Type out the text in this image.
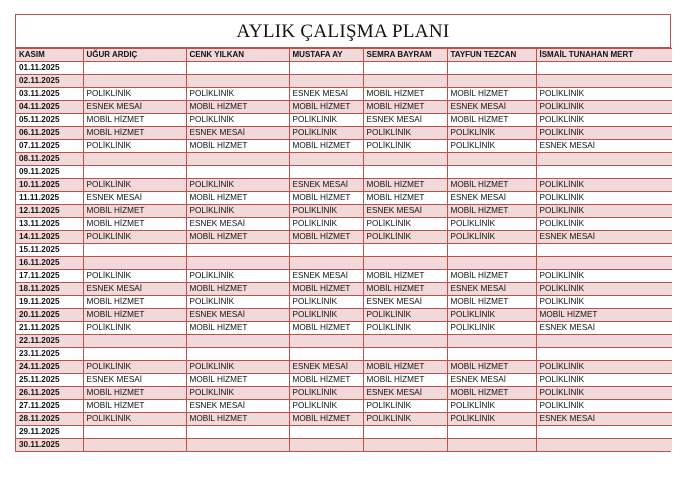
AYLIK ÇALIŞMA PLANI
KASIM	UĞUR ARDIÇ	CENK YILKAN	MUSTAFA AY	SEMRA BAYRAM	TAYFUN TEZCAN	İSMAİL TUNAHAN MERT
01.11.2025						
02.11.2025						
03.11.2025	POLİKLİNİK	POLİKLİNİK	ESNEK MESAİ	MOBİL HİZMET	MOBİL HİZMET	POLİKLİNİK
04.11.2025	ESNEK MESAİ	MOBİL HİZMET	MOBİL HİZMET	MOBİL HİZMET	ESNEK MESAİ	POLİKLİNİK
05.11.2025	MOBİL HİZMET	POLİKLİNİK	POLİKLİNİK	ESNEK MESAİ	MOBİL HİZMET	POLİKLİNİK
06.11.2025	MOBİL HİZMET	ESNEK MESAİ	POLİKLİNİK	POLİKLİNİK	POLİKLİNİK	POLİKLİNİK
07.11.2025	POLİKLİNİK	MOBİL HİZMET	MOBİL HİZMET	POLİKLİNİK	POLİKLİNİK	ESNEK MESAİ
08.11.2025						
09.11.2025						
10.11.2025	POLİKLİNİK	POLİKLİNİK	ESNEK MESAİ	MOBİL HİZMET	MOBİL HİZMET	POLİKLİNİK
11.11.2025	ESNEK MESAİ	MOBİL HİZMET	MOBİL HİZMET	MOBİL HİZMET	ESNEK MESAİ	POLİKLİNİK
12.11.2025	MOBİL HİZMET	POLİKLİNİK	POLİKLİNİK	ESNEK MESAİ	MOBİL HİZMET	POLİKLİNİK
13.11.2025	MOBİL HİZMET	ESNEK MESAİ	POLİKLİNİK	POLİKLİNİK	POLİKLİNİK	POLİKLİNİK
14.11.2025	POLİKLİNİK	MOBİL HİZMET	MOBİL HİZMET	POLİKLİNİK	POLİKLİNİK	ESNEK MESAİ
15.11.2025						
16.11.2025						
17.11.2025	POLİKLİNİK	POLİKLİNİK	ESNEK MESAİ	MOBİL HİZMET	MOBİL HİZMET	POLİKLİNİK
18.11.2025	ESNEK MESAİ	MOBİL HİZMET	MOBİL HİZMET	MOBİL HİZMET	ESNEK MESAİ	POLİKLİNİK
19.11.2025	MOBİL HİZMET	POLİKLİNİK	POLİKLİNİK	ESNEK MESAİ	MOBİL HİZMET	POLİKLİNİK
20.11.2025	MOBİL HİZMET	ESNEK MESAİ	POLİKLİNİK	POLİKLİNİK	POLİKLİNİK	MOBİL HİZMET
21.11.2025	POLİKLİNİK	MOBİL HİZMET	MOBİL HİZMET	POLİKLİNİK	POLİKLİNİK	ESNEK MESAİ
22.11.2025						
23.11.2025						
24.11.2025	POLİKLİNİK	POLİKLİNİK	ESNEK MESAİ	MOBİL HİZMET	MOBİL HİZMET	POLİKLİNİK
25.11.2025	ESNEK MESAİ	MOBİL HİZMET	MOBİL HİZMET	MOBİL HİZMET	ESNEK MESAİ	POLİKLİNİK
26.11.2025	MOBİL HİZMET	POLİKLİNİK	POLİKLİNİK	ESNEK MESAİ	MOBİL HİZMET	POLİKLİNİK
27.11.2025	MOBİL HİZMET	ESNEK MESAİ	POLİKLİNİK	POLİKLİNİK	POLİKLİNİK	POLİKLİNİK
28.11.2025	POLİKLİNİK	MOBİL HİZMET	MOBİL HİZMET	POLİKLİNİK	POLİKLİNİK	ESNEK MESAİ
29.11.2025						
30.11.2025						
